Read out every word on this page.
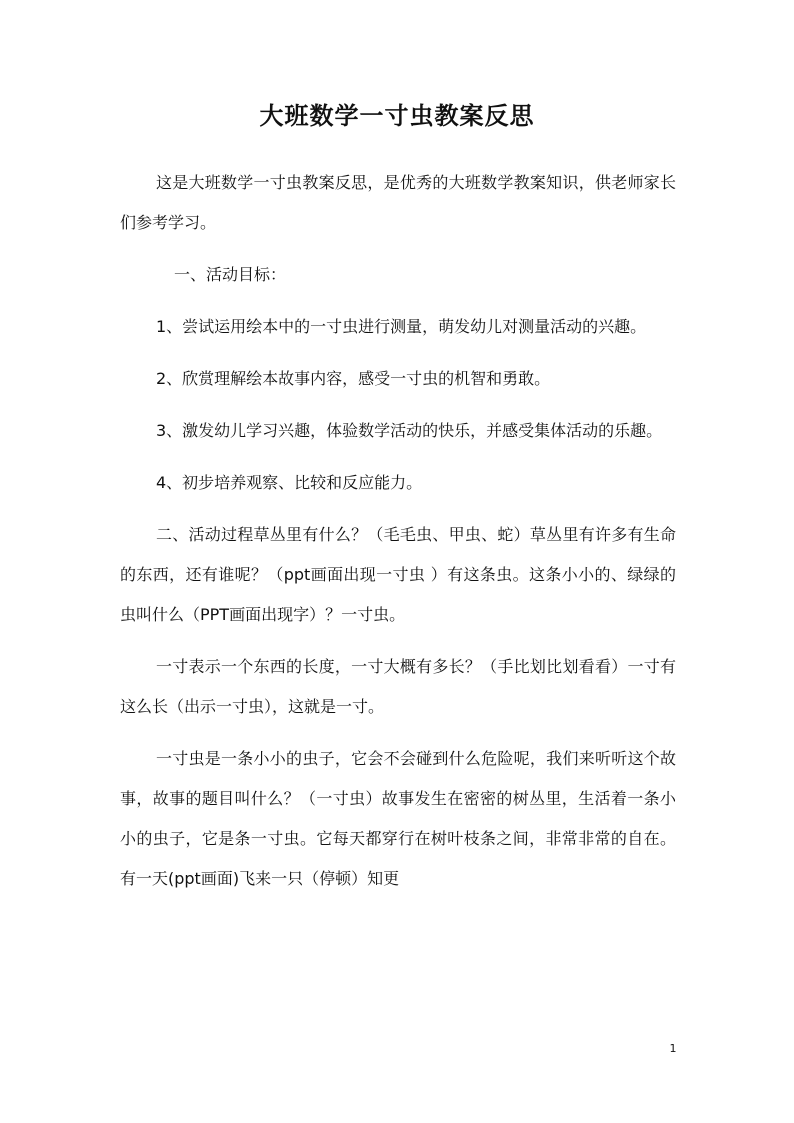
大班数学一寸虫教案反思

这是大班数学一寸虫教案反思，是优秀的大班数学教案知识，供老师家长们参考学习。

一、活动目标：

1、尝试运用绘本中的一寸虫进行测量，萌发幼儿对测量活动的兴趣。

2、欣赏理解绘本故事内容，感受一寸虫的机智和勇敢。

3、激发幼儿学习兴趣，体验数学活动的快乐，并感受集体活动的乐趣。

4、初步培养观察、比较和反应能力。

二、活动过程草丛里有什么？（毛毛虫、甲虫、蛇）草丛里有许多有生命的东西，还有谁呢？（ppt画面出现一寸虫 ）有这条虫。这条小小的、绿绿的虫叫什么（PPT画面出现字）？一寸虫。

一寸表示一个东西的长度，一寸大概有多长？（手比划比划看看）一寸有这么长（出示一寸虫），这就是一寸。

一寸虫是一条小小的虫子，它会不会碰到什么危险呢，我们来听听这个故事，故事的题目叫什么？（一寸虫）故事发生在密密的树丛里，生活着一条小小的虫子，它是条一寸虫。它每天都穿行在树叶枝条之间，非常非常的自在。 有一天(ppt画面)飞来一只（停顿）知更

1
